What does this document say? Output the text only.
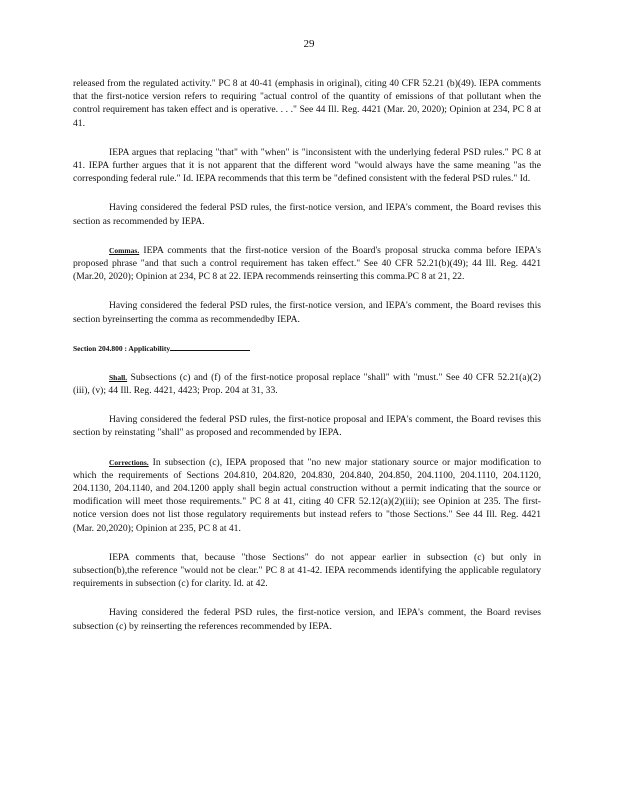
29

released from the regulated activity." PC 8 at 40-41 (emphasis in original), citing 40 CFR 52.21 (b)(49). IEPA comments that the first-notice version refers to requiring "actual control of the quantity of emissions of that pollutant when the control requirement has taken effect and is operative. . . ." See 44 Ill. Reg. 4421 (Mar. 20, 2020); Opinion at 234, PC 8 at 41.

IEPA argues that replacing "that" with "when" is "inconsistent with the underlying federal PSD rules." PC 8 at 41. IEPA further argues that it is not apparent that the different word "would always have the same meaning "as the corresponding federal rule." Id. IEPA recommends that this term be "defined consistent with the federal PSD rules." Id.

Having considered the federal PSD rules, the first-notice version, and IEPA's comment, the Board revises this section as recommended by IEPA.

Commas. IEPA comments that the first-notice version of the Board's proposal strucka comma before IEPA's proposed phrase "and that such a control requirement has taken effect." See 40 CFR 52.21(b)(49); 44 Ill. Reg. 4421 (Mar.20, 2020); Opinion at 234, PC 8 at 22. IEPA recommends reinserting this comma.PC 8 at 21, 22.

Having considered the federal PSD rules, the first-notice version, and IEPA's comment, the Board revises this section byreinserting the comma as recommendedby IEPA.

Section 204.800 : Applicability

Shall. Subsections (c) and (f) of the first-notice proposal replace "shall" with "must." See 40 CFR 52.21(a)(2)(iii), (v); 44 Ill. Reg. 4421, 4423; Prop. 204 at 31, 33.

Having considered the federal PSD rules, the first-notice proposal and IEPA's comment, the Board revises this section by reinstating "shall" as proposed and recommended by IEPA.

Corrections. In subsection (c), IEPA proposed that "no new major stationary source or major modification to which the requirements of Sections 204.810, 204.820, 204.830, 204.840, 204.850, 204.1100, 204.1110, 204.1120, 204.1130, 204.1140, and 204.1200 apply shall begin actual construction without a permit indicating that the source or modification will meet those requirements." PC 8 at 41, citing 40 CFR 52.12(a)(2)(iii); see Opinion at 235. The first-notice version does not list those regulatory requirements but instead refers to "those Sections." See 44 Ill. Reg. 4421 (Mar. 20,2020); Opinion at 235, PC 8 at 41.

IEPA comments that, because "those Sections" do not appear earlier in subsection (c) but only in subsection(b),the reference "would not be clear." PC 8 at 41-42. IEPA recommends identifying the applicable regulatory requirements in subsection (c) for clarity. Id. at 42.

Having considered the federal PSD rules, the first-notice version, and IEPA's comment, the Board revises subsection (c) by reinserting the references recommended by IEPA.
